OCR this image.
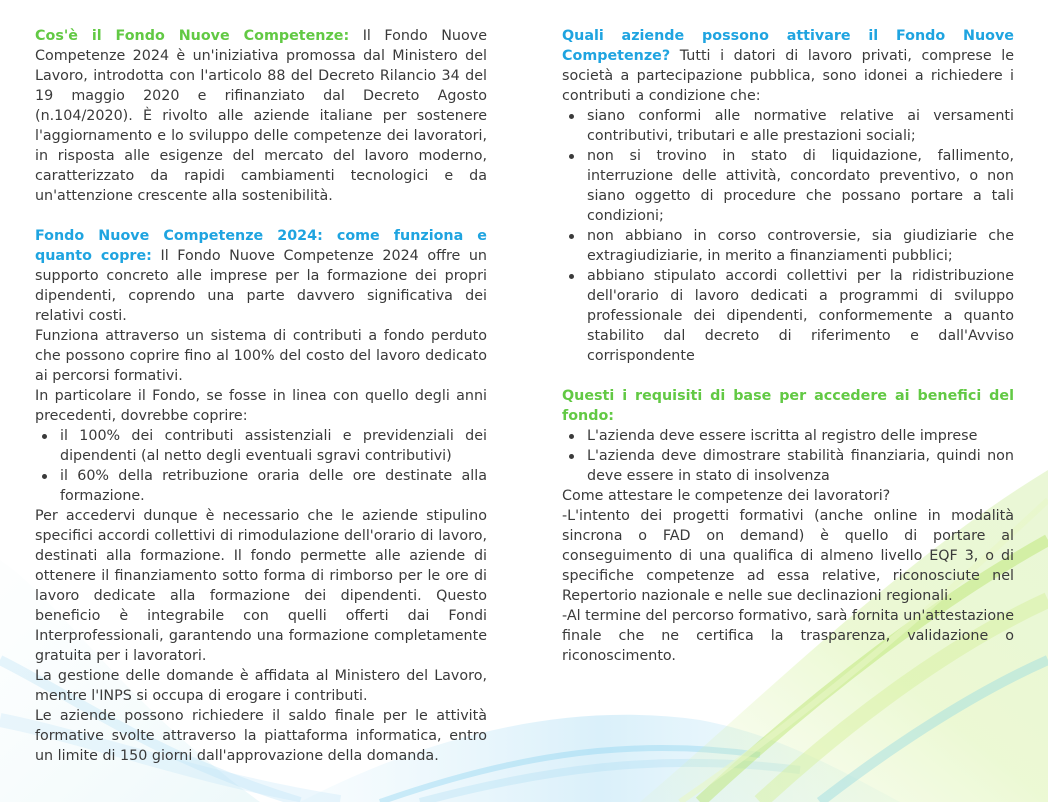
Cos'è il Fondo Nuove Competenze: Il Fondo Nuove Competenze 2024 è un'iniziativa promossa dal Ministero del Lavoro, introdotta con l'articolo 88 del Decreto Rilancio 34 del 19 maggio 2020 e rifinanziato dal Decreto Agosto (n.104/2020). È rivolto alle aziende italiane per sostenere l'aggiornamento e lo sviluppo delle competenze dei lavoratori, in risposta alle esigenze del mercato del lavoro moderno, caratterizzato da rapidi cambiamenti tecnologici e da un'attenzione crescente alla sostenibilità.

Fondo Nuove Competenze 2024: come funziona e quanto copre: Il Fondo Nuove Competenze 2024 offre un supporto concreto alle imprese per la formazione dei propri dipendenti, coprendo una parte davvero significativa dei relativi costi.

Funziona attraverso un sistema di contributi a fondo perduto che possono coprire fino al 100% del costo del lavoro dedicato ai percorsi formativi.

In particolare il Fondo, se fosse in linea con quello degli anni precedenti, dovrebbe coprire:

il 100% dei contributi assistenziali e previdenziali dei dipendenti (al netto degli eventuali sgravi contributivi)
il 60% della retribuzione oraria delle ore destinate alla formazione.

Per accedervi dunque è necessario che le aziende stipulino specifici accordi collettivi di rimodulazione dell'orario di lavoro, destinati alla formazione. Il fondo permette alle aziende di ottenere il finanziamento sotto forma di rimborso per le ore di lavoro dedicate alla formazione dei dipendenti. Questo beneficio è integrabile con quelli offerti dai Fondi Interprofessionali, garantendo una formazione completamente gratuita per i lavoratori.

La gestione delle domande è affidata al Ministero del Lavoro, mentre l'INPS si occupa di erogare i contributi.

Le aziende possono richiedere il saldo finale per le attività formative svolte attraverso la piattaforma informatica, entro un limite di 150 giorni dall'approvazione della domanda.

Quali aziende possono attivare il Fondo Nuove Competenze? Tutti i datori di lavoro privati, comprese le società a partecipazione pubblica, sono idonei a richiedere i contributi a condizione che:

siano conformi alle normative relative ai versamenti contributivi, tributari e alle prestazioni sociali;
non si trovino in stato di liquidazione, fallimento, interruzione delle attività, concordato preventivo, o non siano oggetto di procedure che possano portare a tali condizioni;
non abbiano in corso controversie, sia giudiziarie che extragiudiziarie, in merito a finanziamenti pubblici;
abbiano stipulato accordi collettivi per la ridistribuzione dell'orario di lavoro dedicati a programmi di sviluppo professionale dei dipendenti, conformemente a quanto stabilito dal decreto di riferimento e dall'Avviso corrispondente

Questi i requisiti di base per accedere ai benefici del fondo:

L'azienda deve essere iscritta al registro delle imprese
L'azienda deve dimostrare stabilità finanziaria, quindi non deve essere in stato di insolvenza

Come attestare le competenze dei lavoratori?

-L'intento dei progetti formativi (anche online in modalità sincrona o FAD on demand) è quello di portare al conseguimento di una qualifica di almeno livello EQF 3, o di specifiche competenze ad essa relative, riconosciute nel Repertorio nazionale e nelle sue declinazioni regionali.

-Al termine del percorso formativo, sarà fornita un'attestazione finale che ne certifica la trasparenza, validazione o riconoscimento.
